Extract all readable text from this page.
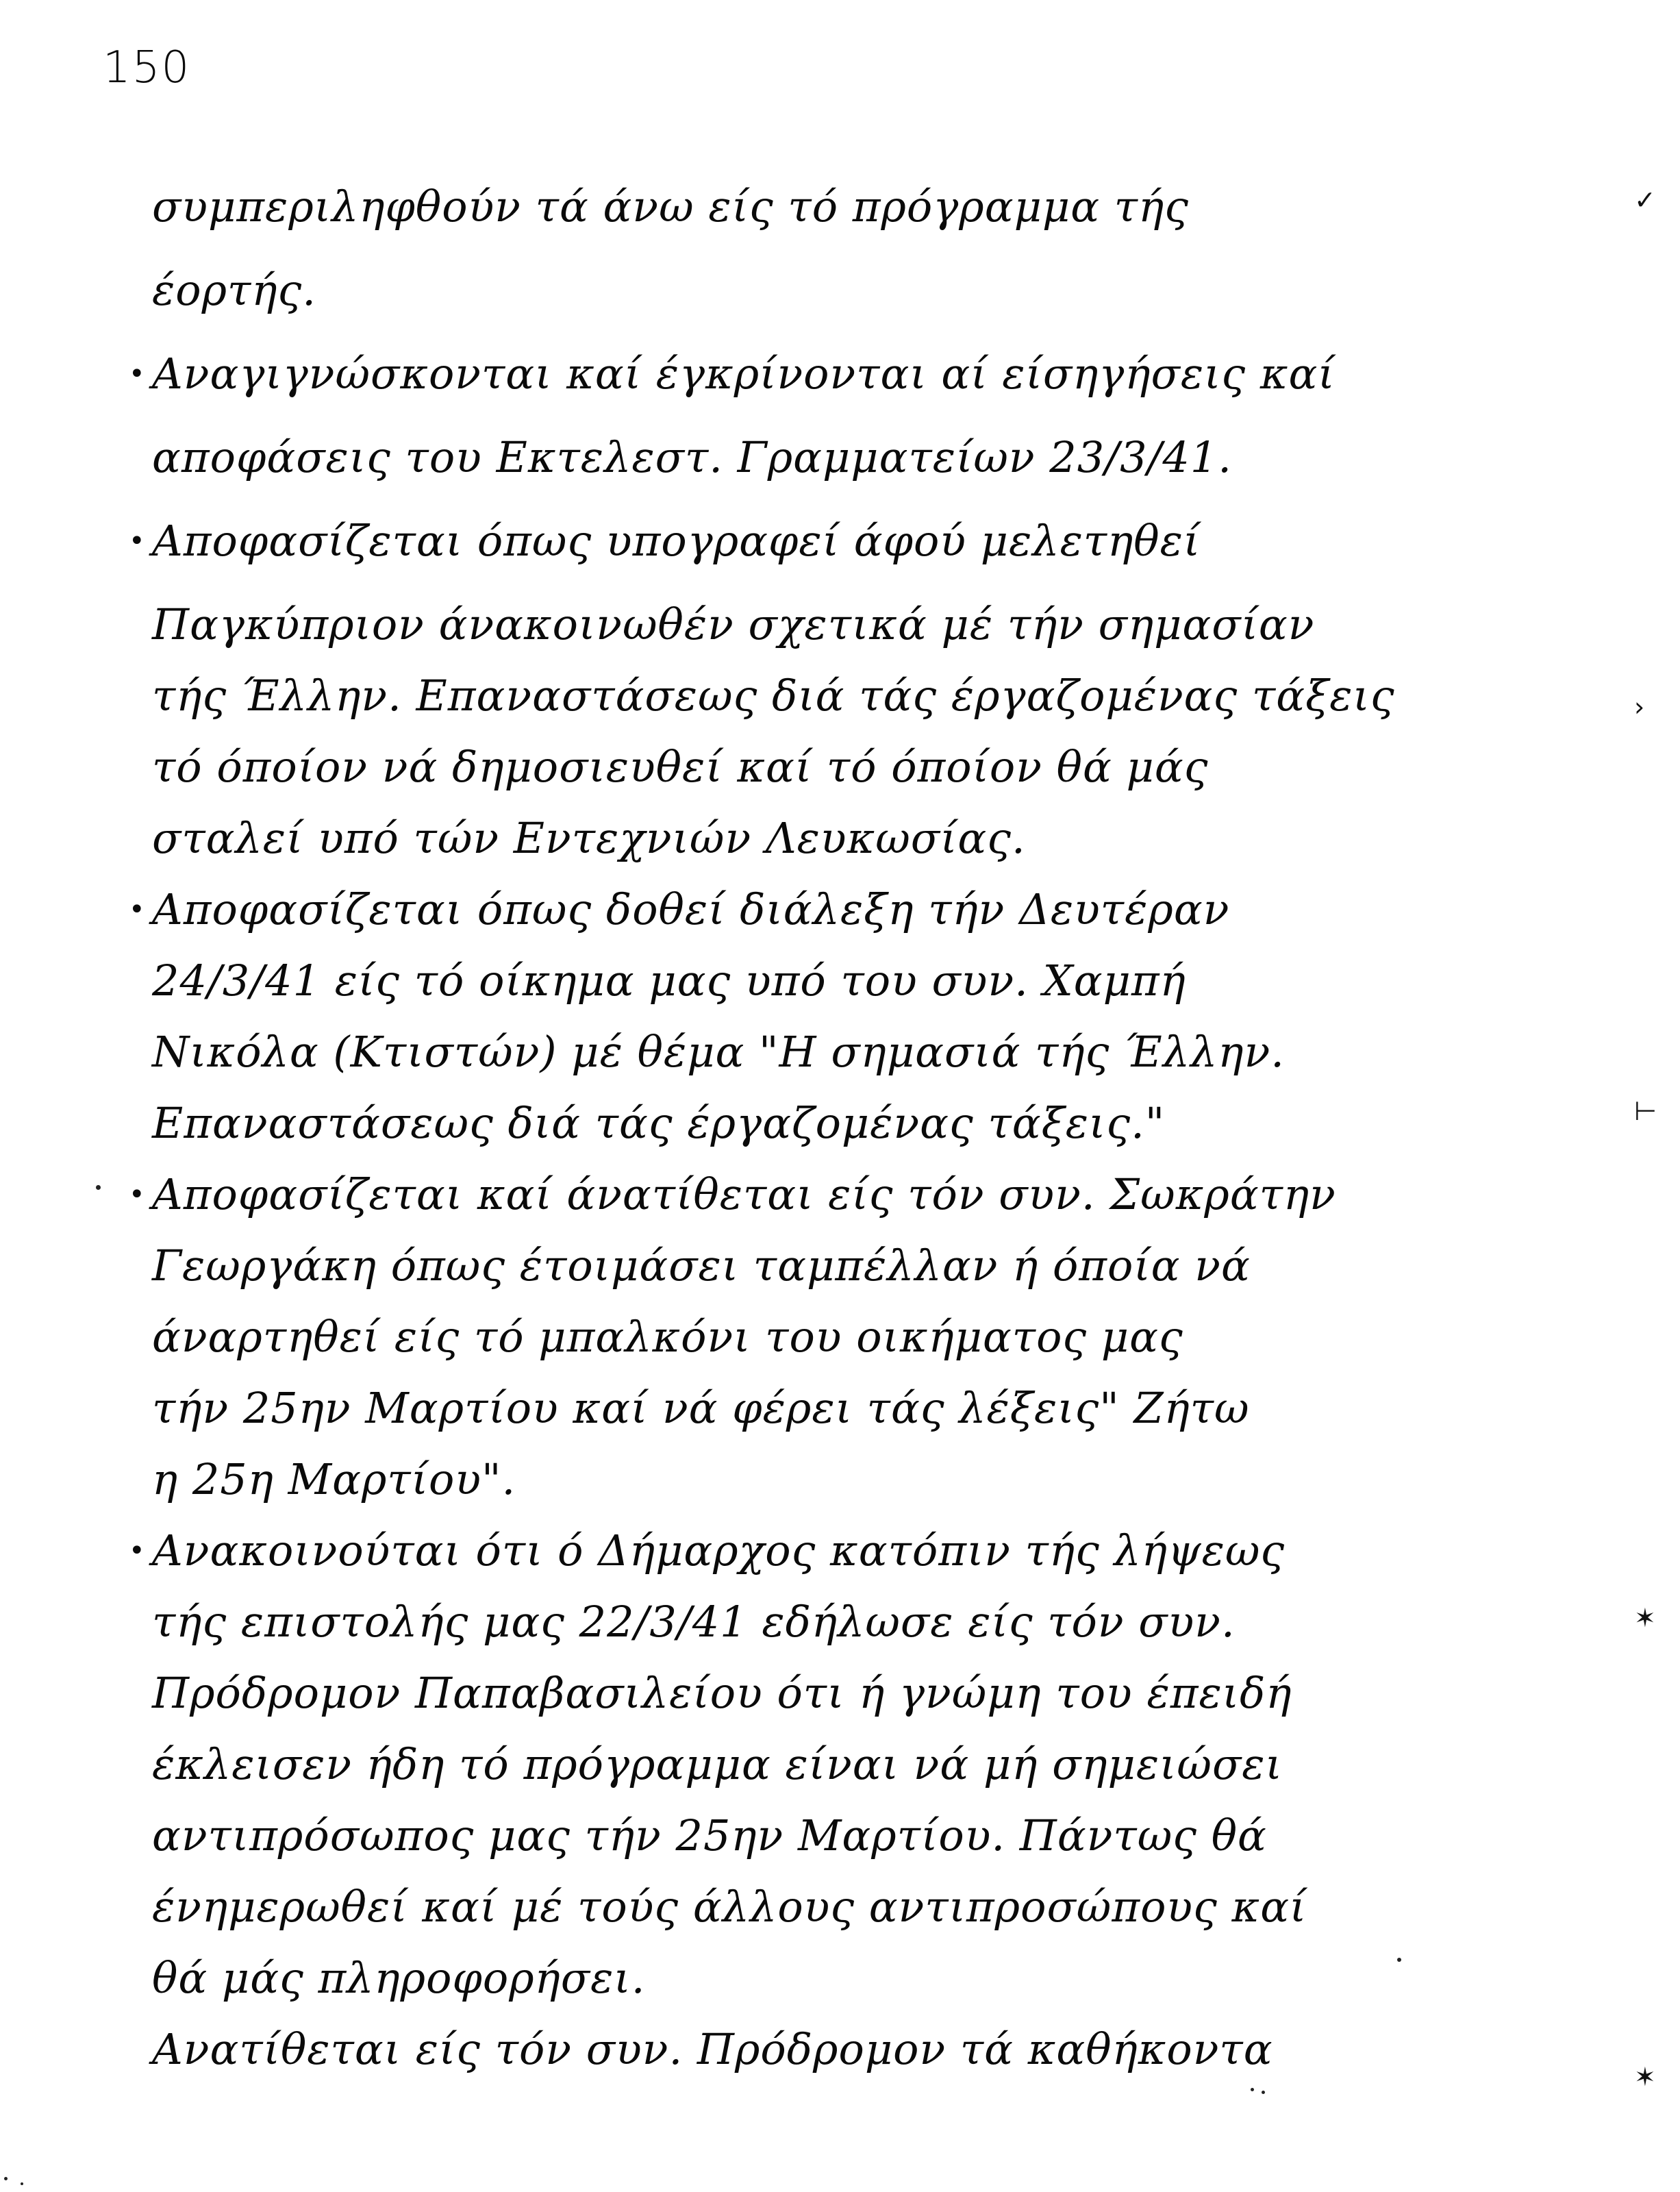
150
συμπεριληφθούν τά άνω είς τό πρόγραμμα τής
έορτής.
• Αναγιγνώσκονται καί έγκρίνονται αί είσηγήσεις καί
αποφάσεις του Εκτελεστ. Γραμματείων 23/3/41.
• Αποφασίζεται όπως υπογραφεί άφού μελετηθεί
Παγκύπριον άνακοινωθέν σχετικά μέ τήν σημασίαν
τής Έλλην. Επαναστάσεως διά τάς έργαζομένας τάξεις
τό όποίον νά δημοσιευθεί καί τό όποίον θά μάς
σταλεί υπό τών Εντεχνιών Λευκωσίας.
• Αποφασίζεται όπως δοθεί διάλεξη τήν Δευτέραν
24/3/41 είς τό οίκημα μας υπό του συν. Χαμπή
Νικόλα (Κτιστών) μέ θέμα "Η σημασιά τής Έλλην.
Επαναστάσεως διά τάς έργαζομένας τάξεις."
• Αποφασίζεται καί άνατίθεται είς τόν συν. Σωκράτην
Γεωργάκη όπως έτοιμάσει ταμπέλλαν ή όποία νά
άναρτηθεί είς τό μπαλκόνι του οικήματος μας
τήν 25ην Μαρτίου καί νά φέρει τάς λέξεις" Ζήτω
η 25η Μαρτίου".
• Ανακοινούται ότι ό Δήμαρχος κατόπιν τής λήψεως
τής επιστολής μας 22/3/41 εδήλωσε είς τόν συν.
Πρόδρομον Παπαβασιλείου ότι ή γνώμη του έπειδή
έκλεισεν ήδη τό πρόγραμμα είναι νά μή σημειώσει
αντιπρόσωπος μας τήν 25ην Μαρτίου. Πάντως θά
ένημερωθεί καί μέ τούς άλλους αντιπροσώπους καί
θά μάς πληροφορήσει.
Ανατίθεται είς τόν συν. Πρόδρομον τά καθήκοντα
✓
›
⊢
✶
✶
